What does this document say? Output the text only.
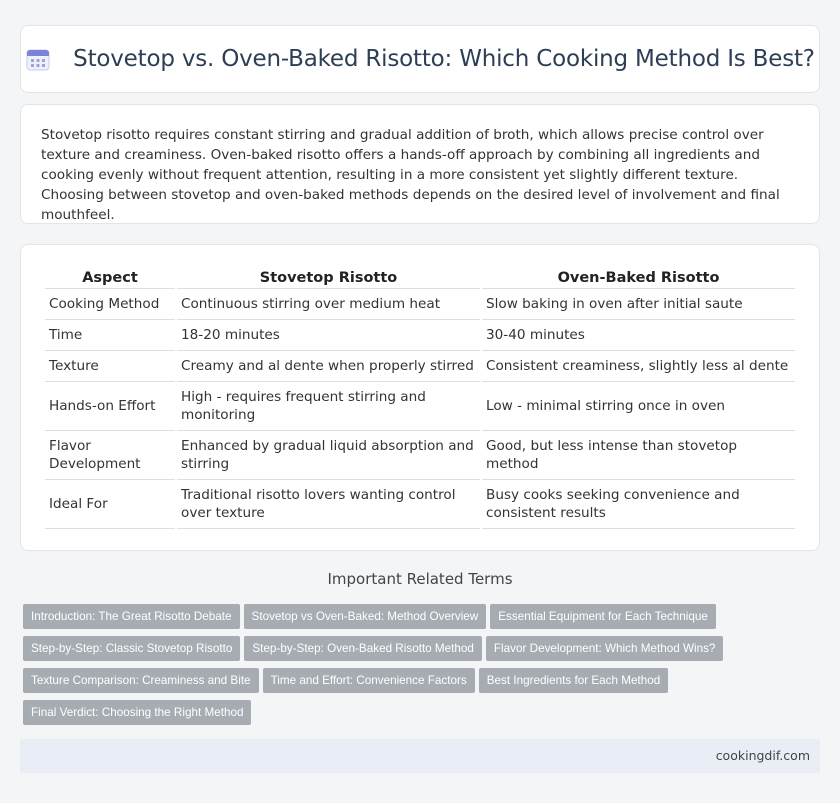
Stovetop vs. Oven-Baked Risotto: Which Cooking Method Is Best?

Stovetop risotto requires constant stirring and gradual addition of broth, which allows precise control over texture and creaminess. Oven-baked risotto offers a hands-off approach by combining all ingredients and cooking evenly without frequent attention, resulting in a more consistent yet slightly different texture. Choosing between stovetop and oven-baked methods depends on the desired level of involvement and final mouthfeel.

Aspect	Stovetop Risotto	Oven-Baked Risotto
Cooking Method	Continuous stirring over medium heat	Slow baking in oven after initial saute
Time	18-20 minutes	30-40 minutes
Texture	Creamy and al dente when properly stirred	Consistent creaminess, slightly less al dente
Hands-on Effort	High - requires frequent stirring and monitoring	Low - minimal stirring once in oven
Flavor Development	Enhanced by gradual liquid absorption and stirring	Good, but less intense than stovetop method
Ideal For	Traditional risotto lovers wanting control over texture	Busy cooks seeking convenience and consistent results
Important Related Terms
Introduction: The Great Risotto Debate Stovetop vs Oven-Baked: Method Overview Essential Equipment for Each Technique
Step-by-Step: Classic Stovetop Risotto Step-by-Step: Oven-Baked Risotto Method Flavor Development: Which Method Wins?
Texture Comparison: Creaminess and Bite Time and Effort: Convenience Factors Best Ingredients for Each Method
Final Verdict: Choosing the Right Method
cookingdif.com
